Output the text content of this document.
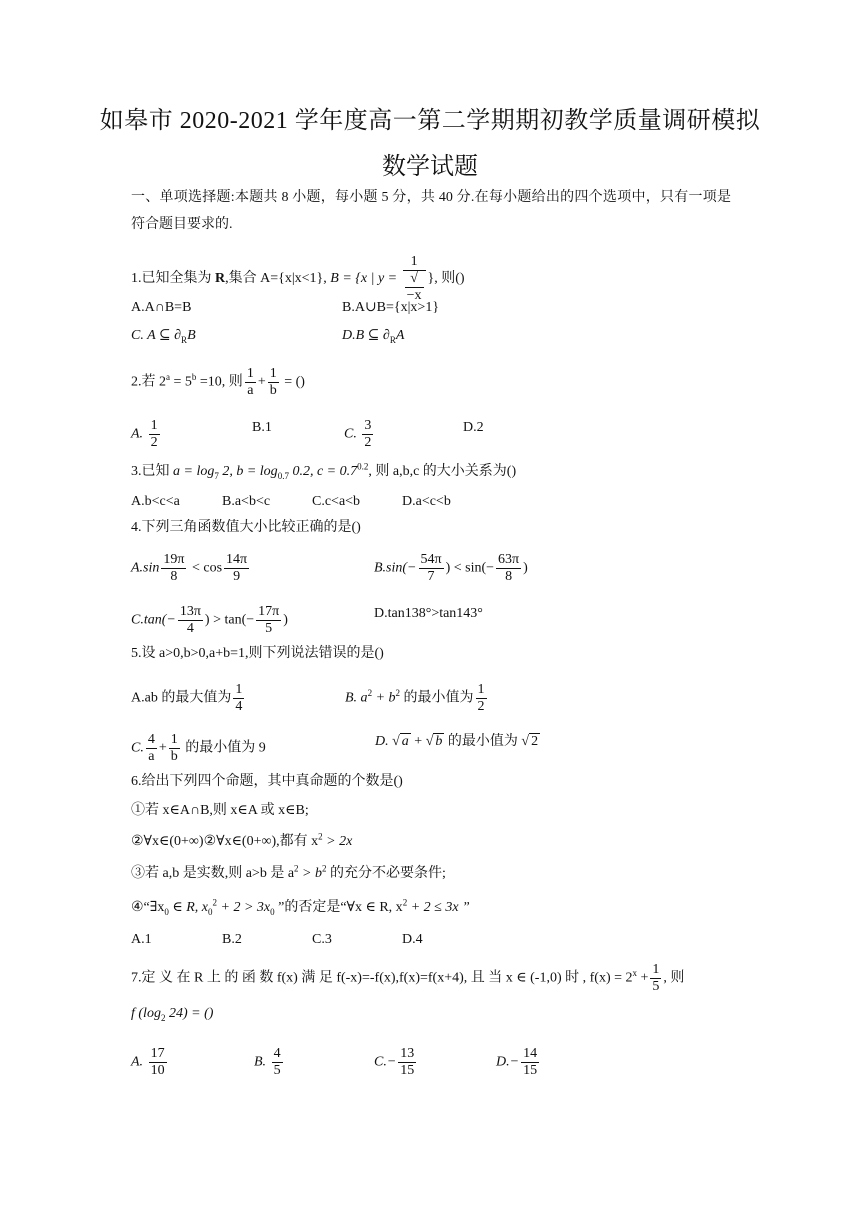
如皋市 2020-2021 学年度高一第二学期期初教学质量调研模拟
数学试题
一、单项选择题:本题共 8 小题，每小题 5 分，共 40 分.在每小题给出的四个选项中，只有一项是
符合题目要求的.
1.已知全集为 R,集合 A={x|x<1}, B = {x | y = 1
√
−x }, 则()
A.A∩B=B	B.A∪B={x|x>1}
C. A ⊆ $\partial_RB$	D.B ⊆ $\partial_RA$
2.若 $2^a = 5^b =10$, 则 $\frac{1}{a} + \frac{1}{b}$ = ()
A. $\frac{1}{2}$	B.1	C. $\frac{3}{2}$	D.2
3.已知 $a = \log_7 2$, $b = \log_{0.7} 0.2$, $c = 0.7^{0.2}$, 则 a,b,c 的大小关系为()
A.b<c<a	B.a<b<c	C.c<a<b	D.a<c<b
4.下列三角函数值大小比较正确的是()
$A.\sin \frac{19\pi}{8} < \cos \frac{14\pi}{9}$	$B.\sin(- \frac{54\pi}{7}$ ) < $\sin(- \frac{63\pi}{8}$ )
$C.\tan(- \frac{13\pi}{4}$ ) > $\tan(- \frac{17\pi}{5}$ )	D.tan138°>tan143°
5.设 a>0,b>0,a+b=1,则下列说法错误的是()
A.ab 的最大值为 $\frac{1}{4}$	B. $a^2 + b^2$ 的最小值为 $\frac{1}{2}$
C. $\frac{4}{a} + \frac{1}{b}$ 的最小值为 9	D. √ a + √ b 的最小值为 √ 2
6.给出下列四个命题，其中真命题的个数是()
①若 x∈A∩B,则 x∈A 或 x∈B;
②∀x∈(0+∞)②∀x∈(0+∞),都有 $x^2 > 2x$
③若 a,b 是实数,则 a>b 是 $a^2 > b^2$ 的充分不必要条件;
$④“\exists x_0$ ∈ R, $x_0^2 + 2 > 3x_0$ ”的否定是“∀x ∈ R, $x^2 + 2 \le 3x$ ”
A.1	B.2	C.3	D.4
7.定 义 在 R 上 的 函 数 f(x) 满 足 f(-x)=-f(x),f(x)=f(x+4), 且 当 x ∈ (-1,0) 时 , $f(x) = 2^x + \frac{1}{5}$ , 则
f ($\log_2$ 24) = ()
A. $\frac{17}{10}$	B. $\frac{4}{5}$	$C.- \frac{13}{15}$	$D.- \frac{14}{15}$
